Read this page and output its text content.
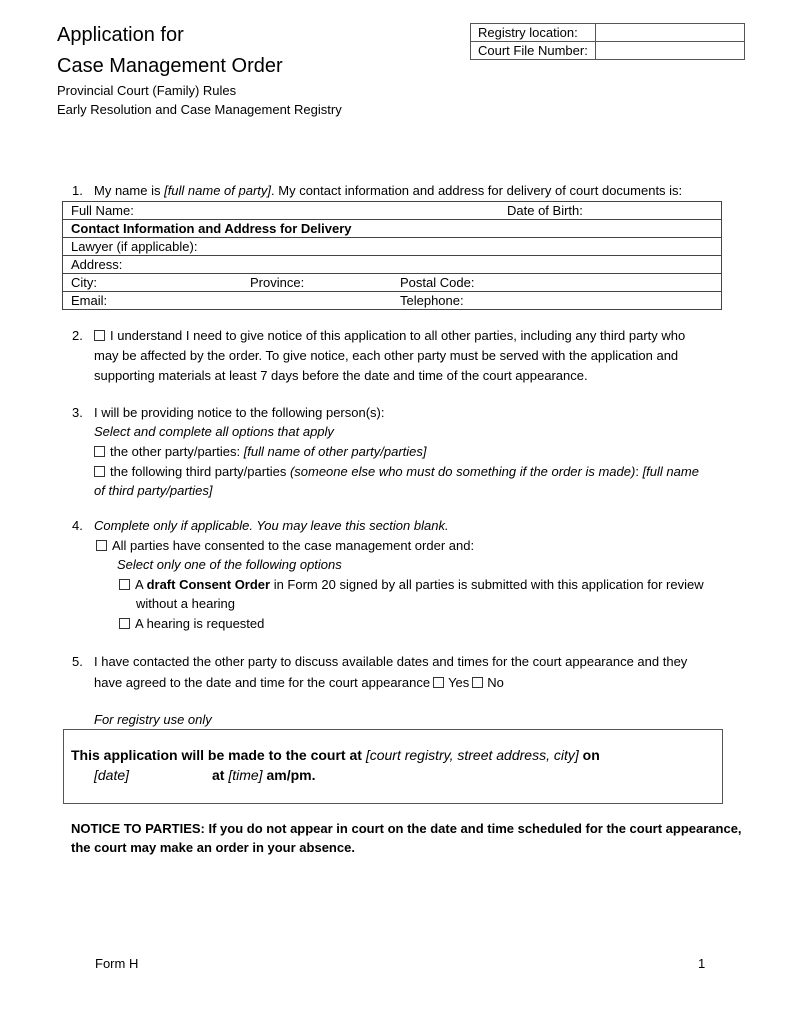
Application for
Case Management Order
Provincial Court (Family) Rules
Early Resolution and Case Management Registry
Registry location:	
Court File Number:	
1. My name is [full name of party]. My contact information and address for delivery of court documents is:
Full Name:		Date of Birth:
Contact Information and Address for Delivery		
Lawyer (if applicable):		
Address:		
City:	Province:	Postal Code:
Email:		Telephone:
2.	I understand I need to give notice of this application to all other parties, including any third party who
may be affected by the order. To give notice, each other party must be served with the application and
supporting materials at least 7 days before the date and time of the court appearance.
3. I will be providing notice to the following person(s):
Select and complete all options that apply
the other party/parties: [full name of other party/parties]
the following third party/parties (someone else who must do something if the order is made): [full name
of third party/parties]
4. Complete only if applicable. You may leave this section blank.
All parties have consented to the case management order and:
Select only one of the following options
A draft Consent Order in Form 20 signed by all parties is submitted with this application for review
without a hearing
A hearing is requested
5. I have contacted the other party to discuss available dates and times for the court appearance and they
have agreed to the date and time for the court appearance Yes No
For registry use only
This application will be made to the court at [court registry, street address, city] on
[date]	at [time] am/pm.
NOTICE TO PARTIES: If you do not appear in court on the date and time scheduled for the court appearance,
the court may make an order in your absence.
Form H	1
